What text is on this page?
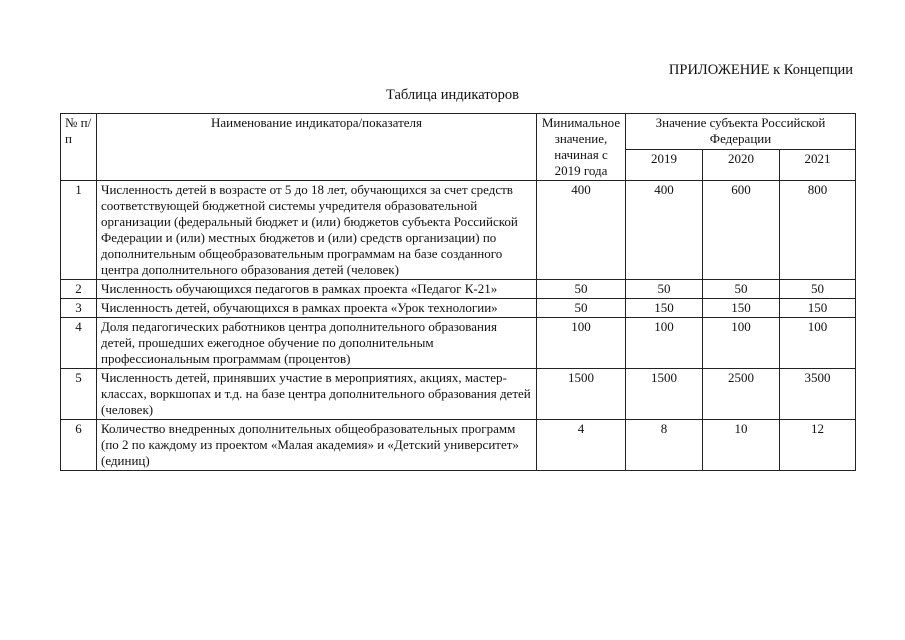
ПРИЛОЖЕНИЕ к Концепции
Таблица индикаторов
№ п/п	Наименование индикатора/показателя	Минимальное значение, начиная с 2019 года	Значение субъекта Российской Федерации		
			2019	2020	2021
1	Численность детей в возрасте от 5 до 18 лет, обучающихся за счет средств соответствующей бюджетной системы учредителя образовательной организации (федеральный бюджет и (или) бюджетов субъекта Российской Федерации и (или) местных бюджетов и (или) средств организации) по дополнительным общеобразовательным программам на базе созданного центра дополнительного образования детей (человек)	400	400	600	800
2	Численность обучающихся педагогов в рамках проекта «Педагог К-21»	50	50	50	50
3	Численность детей, обучающихся в рамках проекта «Урок технологии»	50	150	150	150
4	Доля педагогических работников центра дополнительного образования детей, прошедших ежегодное обучение по дополнительным профессиональным программам (процентов)	100	100	100	100
5	Численность детей, принявших участие в мероприятиях, акциях, мастер-классах, воркшопах и т.д. на базе центра дополнительного образования детей (человек)	1500	1500	2500	3500
6	Количество внедренных дополнительных общеобразовательных программ (по 2 по каждому из проектом «Малая академия» и «Детский университет» (единиц)	4	8	10	12
